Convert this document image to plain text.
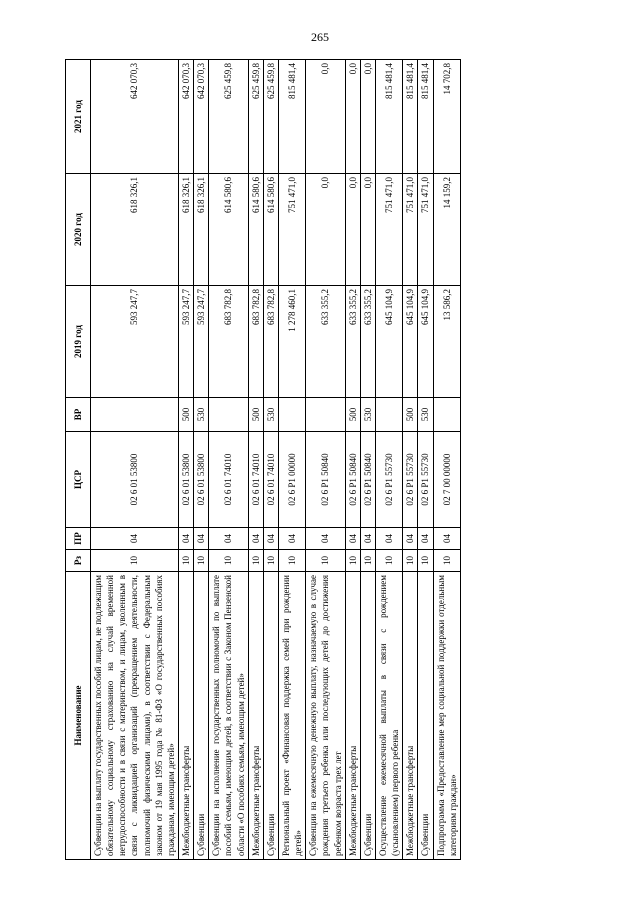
265
Наименование	Рз	ПР	ЦСР	ВР	2019 год	2020 год	2021 год
Субвенции на выплату государственных пособий лицам, не подлежащим обязательному социальному страхованию на случай временной нетрудоспособности и в связи с материнством, и лицам, уволенным в связи с ликвидацией организаций (прекращением деятельности, полномочий физическими лицами), в соответствии с Федеральным законом от 19 мая 1995 года № 81-ФЗ «О государственных пособиях гражданам, имеющим детей»	10	04	02 6 01 53800		593 247,7	618 326,1	642 070,3
Межбюджетные трансферты	10	04	02 6 01 53800	500	593 247,7	618 326,1	642 070,3
Субвенции	10	04	02 6 01 53800	530	593 247,7	618 326,1	642 070,3
Субвенции на исполнение государственных полномочий по выплате пособий семьям, имеющим детей, в соответствии с Законом Пензенской области «О пособиях семьям, имеющим детей»	10	04	02 6 01 74010		683 782,8	614 580,6	625 459,8
Межбюджетные трансферты	10	04	02 6 01 74010	500	683 782,8	614 580,6	625 459,8
Субвенции	10	04	02 6 01 74010	530	683 782,8	614 580,6	625 459,8
Региональный проект «Финансовая поддержка семей при рождении детей»	10	04	02 6 P1 00000		1 278 460,1	751 471,0	815 481,4
Субвенции на ежемесячную денежную выплату, назначаемую в случае рождения третьего ребенка или последующих детей до достижения ребенком возраста трех лет	10	04	02 6 P1 50840		633 355,2	0,0	0,0
Межбюджетные трансферты	10	04	02 6 P1 50840	500	633 355,2	0,0	0,0
Субвенции	10	04	02 6 P1 50840	530	633 355,2	0,0	0,0
Осуществление ежемесячной выплаты в связи с рождением (усыновлением) первого ребенка	10	04	02 6 P1 55730		645 104,9	751 471,0	815 481,4
Межбюджетные трансферты	10	04	02 6 P1 55730	500	645 104,9	751 471,0	815 481,4
Субвенции	10	04	02 6 P1 55730	530	645 104,9	751 471,0	815 481,4
Подпрограмма «Предоставление мер социальной поддержки отдельным категориям граждан»	10	04	02 7 00 00000		13 586,2	14 159,2	14 702,8
